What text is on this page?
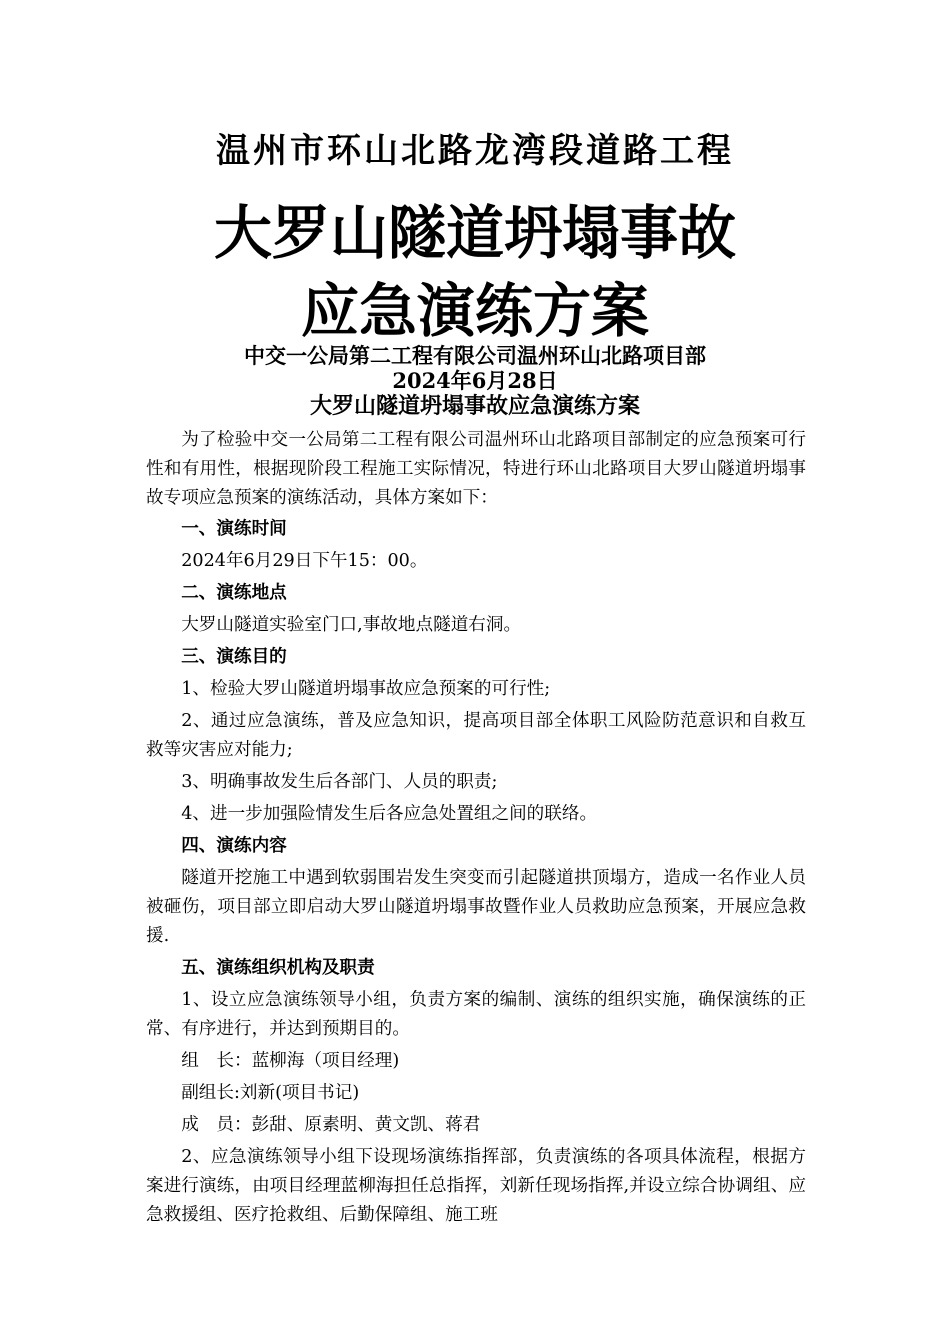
温州市环山北路龙湾段道路工程
大罗山隧道坍塌事故
应急演练方案
中交一公局第二工程有限公司温州环山北路项目部
2024年6月28日
大罗山隧道坍塌事故应急演练方案

为了检验中交一公局第二工程有限公司温州环山北路项目部制定的应急预案可行性和有用性，根据现阶段工程施工实际情况，特进行环山北路项目大罗山隧道坍塌事故专项应急预案的演练活动，具体方案如下：

一、演练时间

2024年6月29日下午15：00。

二、演练地点

大罗山隧道实验室门口,事故地点隧道右洞。

三、演练目的

1、检验大罗山隧道坍塌事故应急预案的可行性;

2、通过应急演练，普及应急知识，提高项目部全体职工风险防范意识和自救互救等灾害应对能力;

3、明确事故发生后各部门、人员的职责;

4、进一步加强险情发生后各应急处置组之间的联络。

四、演练内容

隧道开挖施工中遇到软弱围岩发生突变而引起隧道拱顶塌方，造成一名作业人员被砸伤，项目部立即启动大罗山隧道坍塌事故暨作业人员救助应急预案，开展应急救援.

五、演练组织机构及职责

1、设立应急演练领导小组，负责方案的编制、演练的组织实施，确保演练的正常、有序进行，并达到预期目的。

组　长：蓝柳海（项目经理)

副组长:刘新(项目书记)

成　员：彭甜、原素明、黄文凯、蒋君

2、应急演练领导小组下设现场演练指挥部，负责演练的各项具体流程，根据方案进行演练，由项目经理蓝柳海担任总指挥，刘新任现场指挥,并设立综合协调组、应急救援组、医疗抢救组、后勤保障组、施工班
